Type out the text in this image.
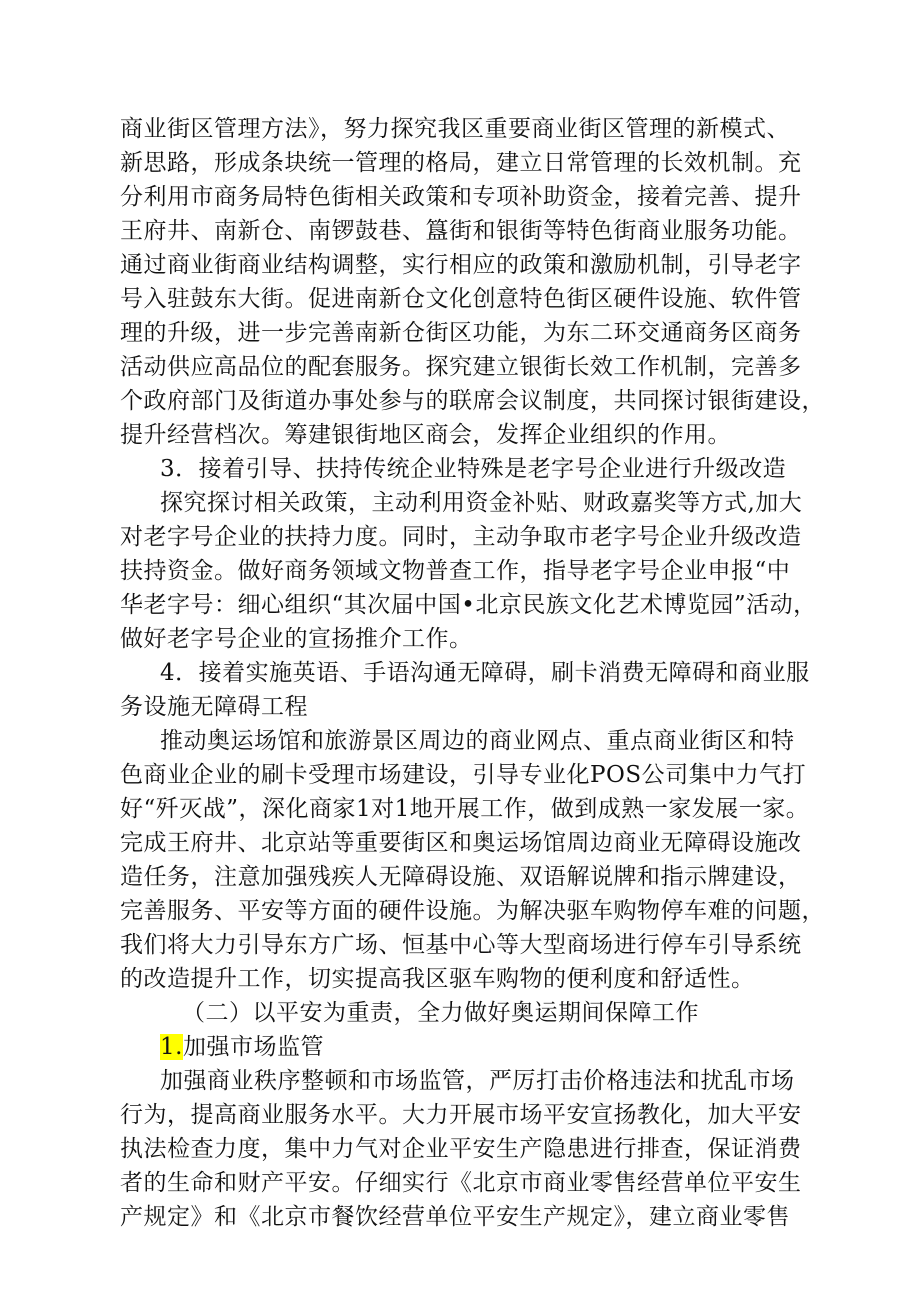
商业街区管理方法》，努力探究我区重要商业街区管理的新模式、
新思路，形成条块统一管理的格局，建立日常管理的长效机制。充
分利用市商务局特色街相关政策和专项补助资金，接着完善、提升
王府井、南新仓、南锣鼓巷、簋街和银街等特色街商业服务功能。
通过商业街商业结构调整，实行相应的政策和激励机制，引导老字
号入驻鼓东大街。促进南新仓文化创意特色街区硬件设施、软件管
理的升级，进一步完善南新仓街区功能，为东二环交通商务区商务
活动供应高品位的配套服务。探究建立银街长效工作机制，完善多
个政府部门及街道办事处参与的联席会议制度，共同探讨银街建设，
提升经营档次。筹建银街地区商会，发挥企业组织的作用。
3．接着引导、扶持传统企业特殊是老字号企业进行升级改造
探究探讨相关政策，主动利用资金补贴、财政嘉奖等方式,加大
对老字号企业的扶持力度。同时，主动争取市老字号企业升级改造
扶持资金。做好商务领域文物普查工作，指导老字号企业申报“中
华老字号：细心组织“其次届中国•北京民族文化艺术博览园”活动，
做好老字号企业的宣扬推介工作。
4．接着实施英语、手语沟通无障碍，刷卡消费无障碍和商业服
务设施无障碍工程
推动奥运场馆和旅游景区周边的商业网点、重点商业街区和特
色商业企业的刷卡受理市场建设，引导专业化POS公司集中力气打
好“歼灭战”，深化商家1对1地开展工作，做到成熟一家发展一家。
完成王府井、北京站等重要街区和奥运场馆周边商业无障碍设施改
造任务，注意加强残疾人无障碍设施、双语解说牌和指示牌建设，
完善服务、平安等方面的硬件设施。为解决驱车购物停车难的问题，
我们将大力引导东方广场、恒基中心等大型商场进行停车引导系统
的改造提升工作，切实提高我区驱车购物的便利度和舒适性。
（二）以平安为重责，全力做好奥运期间保障工作
1.加强市场监管
加强商业秩序整顿和市场监管，严厉打击价格违法和扰乱市场
行为，提高商业服务水平。大力开展市场平安宣扬教化，加大平安
执法检查力度，集中力气对企业平安生产隐患进行排查，保证消费
者的生命和财产平安。仔细实行《北京市商业零售经营单位平安生
产规定》和《北京市餐饮经营单位平安生产规定》，建立商业零售
